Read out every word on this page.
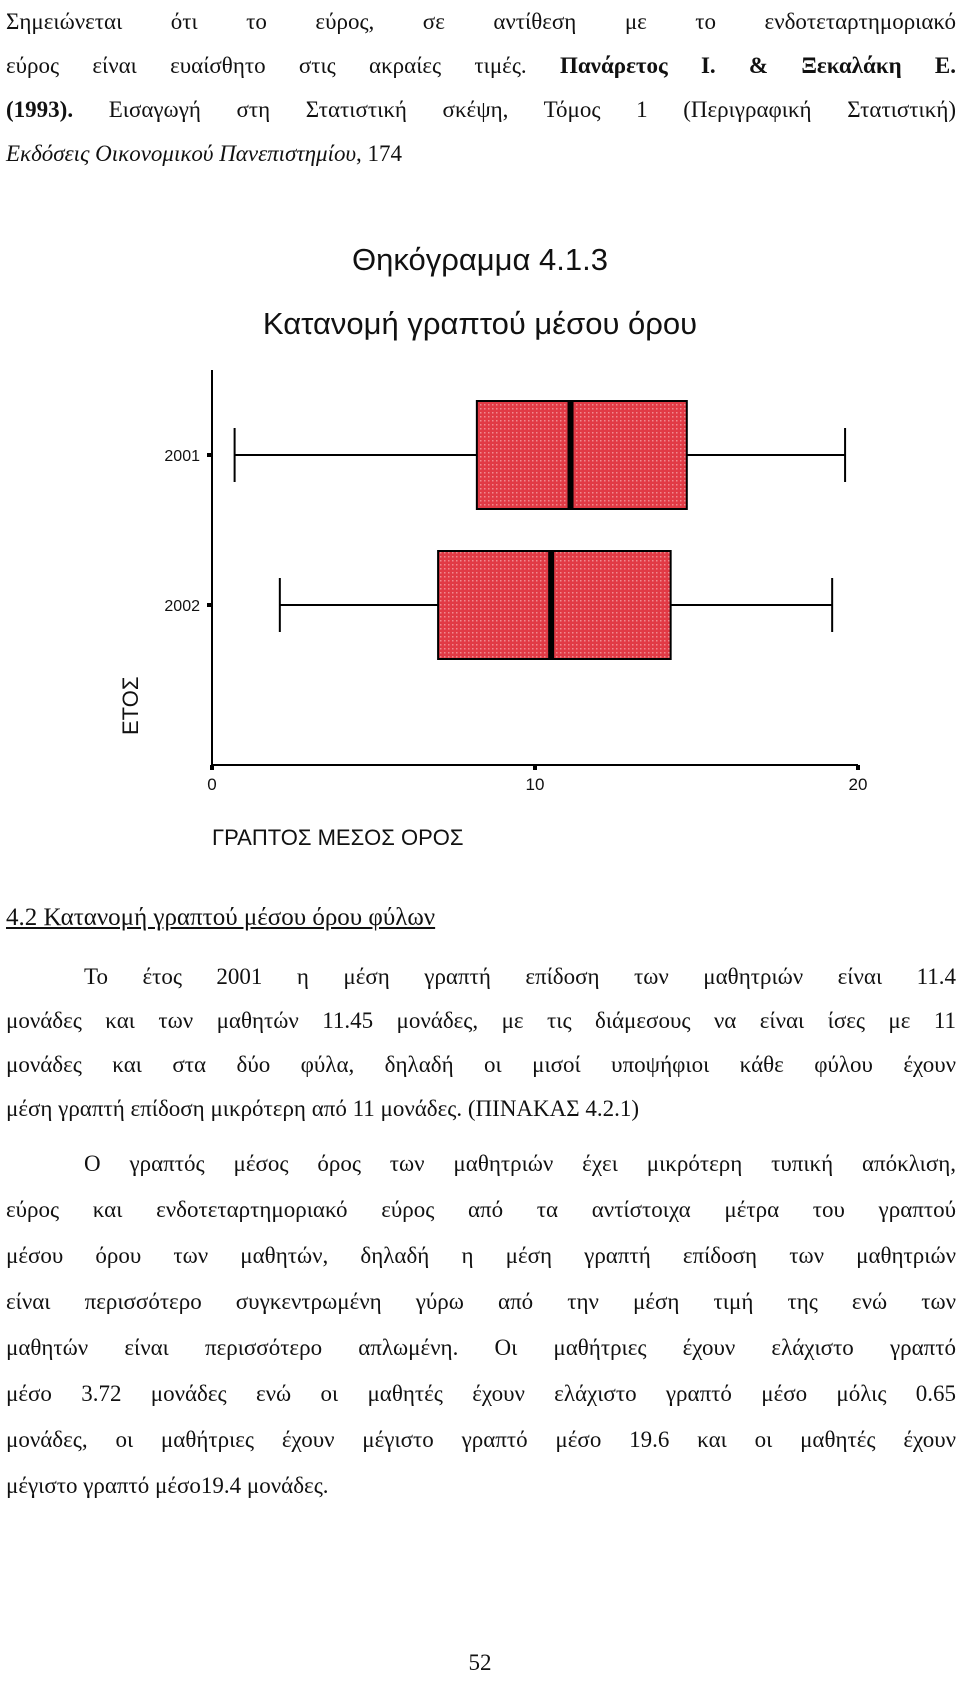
Σημειώνεται ότι το εύρος, σε αντίθεση με το ενδοτεταρτημοριακό

εύρος είναι ευαίσθητο στις ακραίες τιμές. Πανάρετος Ι. & Ξεκαλάκη Ε.

(1993). Εισαγωγή στη Στατιστική σκέψη, Τόμος 1 (Περιγραφική Στατιστική)

Εκδόσεις Οικονομικού Πανεπιστημίου, 174

Θηκόγραμμα 4.1.3
Κατανομή γραπτού μέσου όρου
2001
2002
0	10	20
ΕΤΟΣ
ΓΡΑΠΤΟΣ ΜΕΣΟΣ ΟΡΟΣ
4.2 Κατανομή γραπτού μέσου όρου φύλων

Το έτος 2001 η μέση γραπτή επίδοση των μαθητριών είναι 11.4

μονάδες και των μαθητών 11.45 μονάδες, με τις διάμεσους να είναι ίσες με 11

μονάδες και στα δύο φύλα, δηλαδή οι μισοί υποψήφιοι κάθε φύλου έχουν

μέση γραπτή επίδοση μικρότερη από 11 μονάδες. (ΠΙΝΑΚΑΣ 4.2.1)

Ο γραπτός μέσος όρος των μαθητριών έχει μικρότερη τυπική απόκλιση,

εύρος και ενδοτεταρτημοριακό εύρος από τα αντίστοιχα μέτρα του γραπτού

μέσου όρου των μαθητών, δηλαδή η μέση γραπτή επίδοση των μαθητριών

είναι περισσότερο συγκεντρωμένη γύρω από την μέση τιμή της ενώ των

μαθητών είναι περισσότερο απλωμένη. Οι μαθήτριες έχουν ελάχιστο γραπτό

μέσο 3.72 μονάδες ενώ οι μαθητές έχουν ελάχιστο γραπτό μέσο μόλις 0.65

μονάδες, οι μαθήτριες έχουν μέγιστο γραπτό μέσο 19.6 και οι μαθητές έχουν

μέγιστο γραπτό μέσο19.4 μονάδες.

52
